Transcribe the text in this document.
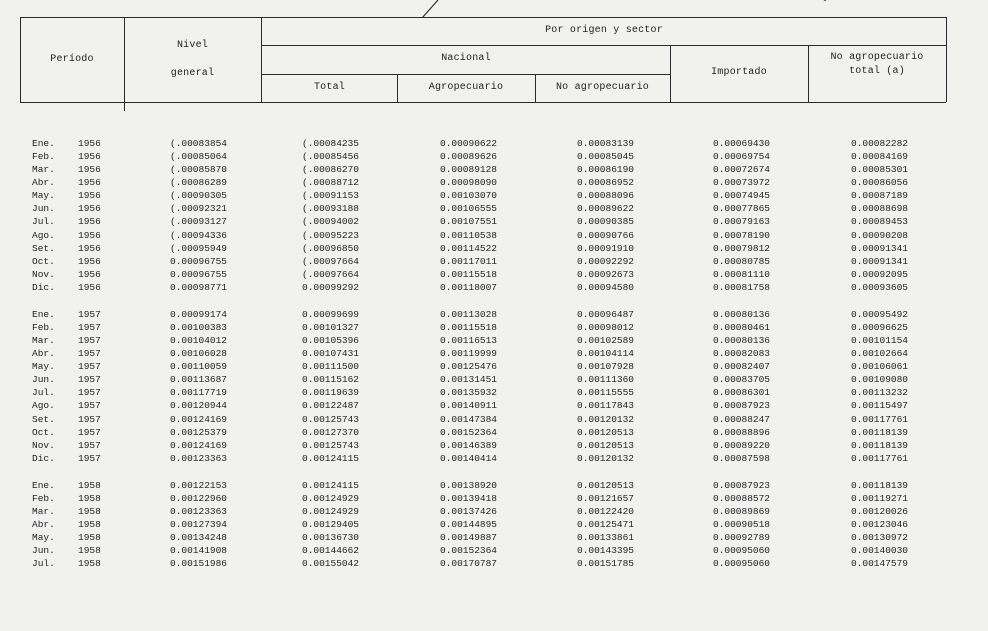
ˇ
Período
Nivel
general
Por origen y sector
Nacional
Total	Agropecuario	No agropecuario
Importado
No agropecuario
total (a)
Ene. 1956	(.00083854	(.00084235	0.00090622	0.00083139	0.00069430	0.00082282
Feb. 1956	(.00085064	(.00085456	0.00089626	0.00085045	0.00069754	0.00084169
Mar. 1956	(.00085870	(.00086270	0.00089128	0.00086190	0.00072674	0.00085301
Abr. 1956	(.00086289	(.00088712	0.00098090	0.00086952	0.00073972	0.00086056
May. 1956	(.00090305	(.00091153	0.00103070	0.00088096	0.00074945	0.00087189
Jun. 1956	(.00092321	(.00093188	0.00106555	0.00089622	0.00077865	0.00088698
Jul. 1956	(.00093127	(.00094002	0.00107551	0.00090385	0.00079163	0.00089453
Ago. 1956	(.00094336	(.00095223	0.00110538	0.00090766	0.00078190	0.00090208
Set. 1956	(.00095949	(.00096850	0.00114522	0.00091910	0.00079812	0.00091341
Oct. 1956	0.00096755	(.00097664	0.00117011	0.00092292	0.00080785	0.00091341
Nov. 1956	0.00096755	(.00097664	0.00115518	0.00092673	0.00081110	0.00092095
Dic. 1956	0.00098771	0.00099292	0.00118007	0.00094580	0.00081758	0.00093605
Ene. 1957	0.00099174	0.00099699	0.00113028	0.00096487	0.00080136	0.00095492
Feb. 1957	0.00100383	0.00101327	0.00115518	0.00098012	0.00080461	0.00096625
Mar. 1957	0.00104012	0.00105396	0.00116513	0.00102589	0.00080136	0.00101154
Abr. 1957	0.00106028	0.00107431	0.00119999	0.00104114	0.00082083	0.00102664
May. 1957	0.00110059	0.00111500	0.00125476	0.00107928	0.00082407	0.00106061
Jun. 1957	0.00113687	0.00115162	0.00131451	0.00111360	0.00083705	0.00109080
Jul. 1957	0.00117719	0.00119639	0.00135932	0.00115555	0.00086301	0.00113232
Ago. 1957	0.00120944	0.00122487	0.00140911	0.00117843	0.00087923	0.00115497
Set. 1957	0.00124169	0.00125743	0.00147384	0.00120132	0.00088247	0.00117761
Oct. 1957	0.00125379	0.00127370	0.00152364	0.00120513	0.00088896	0.00118139
Nov. 1957	0.00124169	0.00125743	0.00146389	0.00120513	0.00089220	0.00118139
Dic. 1957	0.00123363	0.00124115	0.00140414	0.00120132	0.00087598	0.00117761
Ene. 1958	0.00122153	0.00124115	0.00138920	0.00120513	0.00087923	0.00118139
Feb. 1958	0.00122960	0.00124929	0.00139418	0.00121657	0.00088572	0.00119271
Mar. 1958	0.00123363	0.00124929	0.00137426	0.00122420	0.00089869	0.00120026
Abr. 1958	0.00127394	0.00129405	0.00144895	0.00125471	0.00090518	0.00123046
May. 1958	0.00134248	0.00136730	0.00149887	0.00133861	0.00092789	0.00130972
Jun. 1958	0.00141908	0.00144662	0.00152364	0.00143395	0.00095060	0.00140030
Jul. 1958	0.00151986	0.00155042	0.00170787	0.00151785	0.00095060	0.00147579
